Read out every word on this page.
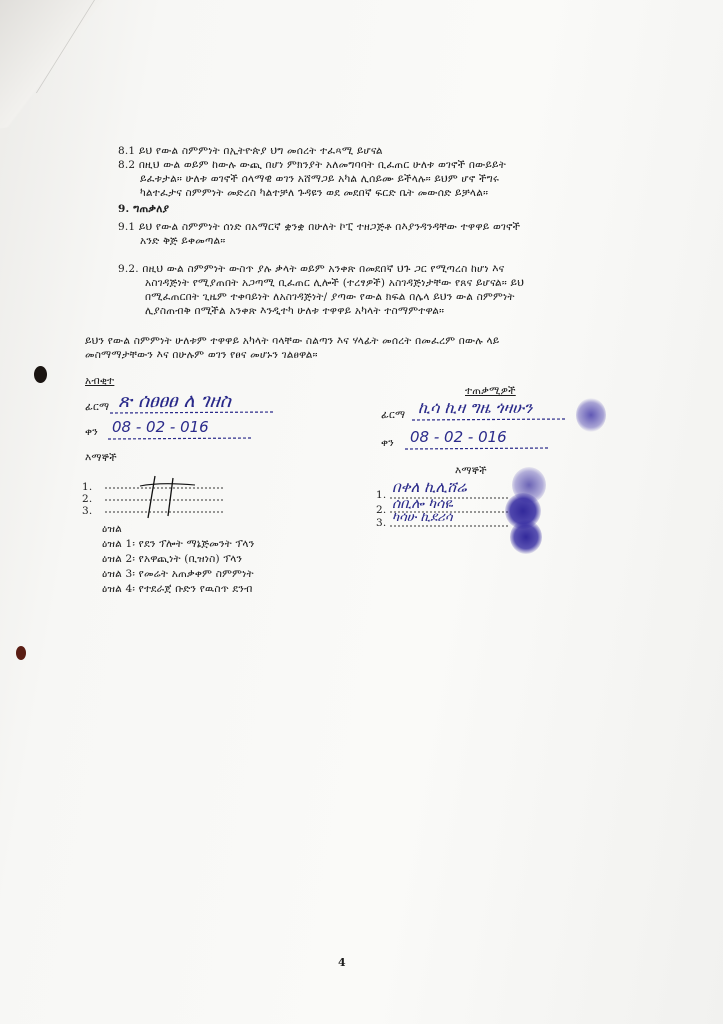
8.1 ይህ የውል ስምምነት በኢትዮጵያ ህግ መሰረት ተፈጻሚ ይሆናል
8.2 በዚህ ውል ወይም ከውሉ ውጪ በሆነ ምክንያት አለመግባባት ቢፈጠር ሁለቱ ወገኖች በውይይት
ይፈቱታል። ሁለቱ ወገኖች ሰላማዊ ወገን አሸማጋይ አካል ሊሰይሙ ይችላሉ። ይህም ሆኖ ችግሩ
ካልተፈታና ስምምነት መድረስ ካልተቻለ ጉዳዩን ወደ መደበኛ ፍርድ ቤት መውሰድ ይቻላል።
9. ግጠቃለያ
9.1 ይህ የውል ስምምነት ሰነድ በአማርኛ ቋንቋ በሁለት ኮፒ ተዘጋጅቶ በእያንዳንዳቸው ተዋዋይ ወገኖች
አንድ ቅጅ ይቀመጣል።
9.2. በዚህ ውል ስምምነት ውስጥ ያሉ ቃላት ወይም አንቀጽ በመደበኛ ህጉ ጋር የሚጣረስ ከሆነ እና
አስገዳጅነት የሚያጠበት አጋጣሚ ቢፈጠር ሊሎች (ተረፃዎች) አስገዳጅነታቸው የጸና ይሆናል። ይህ
በሚፈጠርበት ጊዜም ተቀባይነት ለአስገዳጅነት/ ያጣው የውል ክፍል በሌላ ይህን ውል ስምምነት
ሊያስጠብቅ በሚችል አንቀጽ እንዲተካ ሁለቱ ተዋዋይ አካላት ተስማምተዋል።
ይህን የውል ስምምነት ሁለቱም ተዋዋይ አካላት ባላቸው ስልጣን እና ሃላፊት መሰረት በመፈረም በውሉ ላይ
መስማማታቸውን እና በሁሉም ወገን የፀና መሆኑን ገልፀዋል።
አብቂተ
ፊርማ ጽ ሰፀፀፀ ለ ገዘስ
ቀን 08 - 02 - 016
እማኞች
1.
2.
3.
ዕዝል
ዕዝል 1፡ የደን ፕሎት ማኔጅመንት ፕላን
ዕዝል 2፡ የአዋጪነት (ቢዝነስ) ፕላን
ዕዝል 3፡ የመሬት አጠቃቀም ስምምነት
ዕዝል 4፡ የተደራጀ ቡድን የዉስጥ ደንብ
ተጠቃሚዎች
ፊርማ ኪሳ ኪዛ ግዜ ጎዛሁን
ቀን 08 - 02 - 016
እማኞች
1. በቀለ ኪሊሸሬ
2. ሰቢሎ ካሳዬ
3. ካሳሁ ኪደሪሳ
4
